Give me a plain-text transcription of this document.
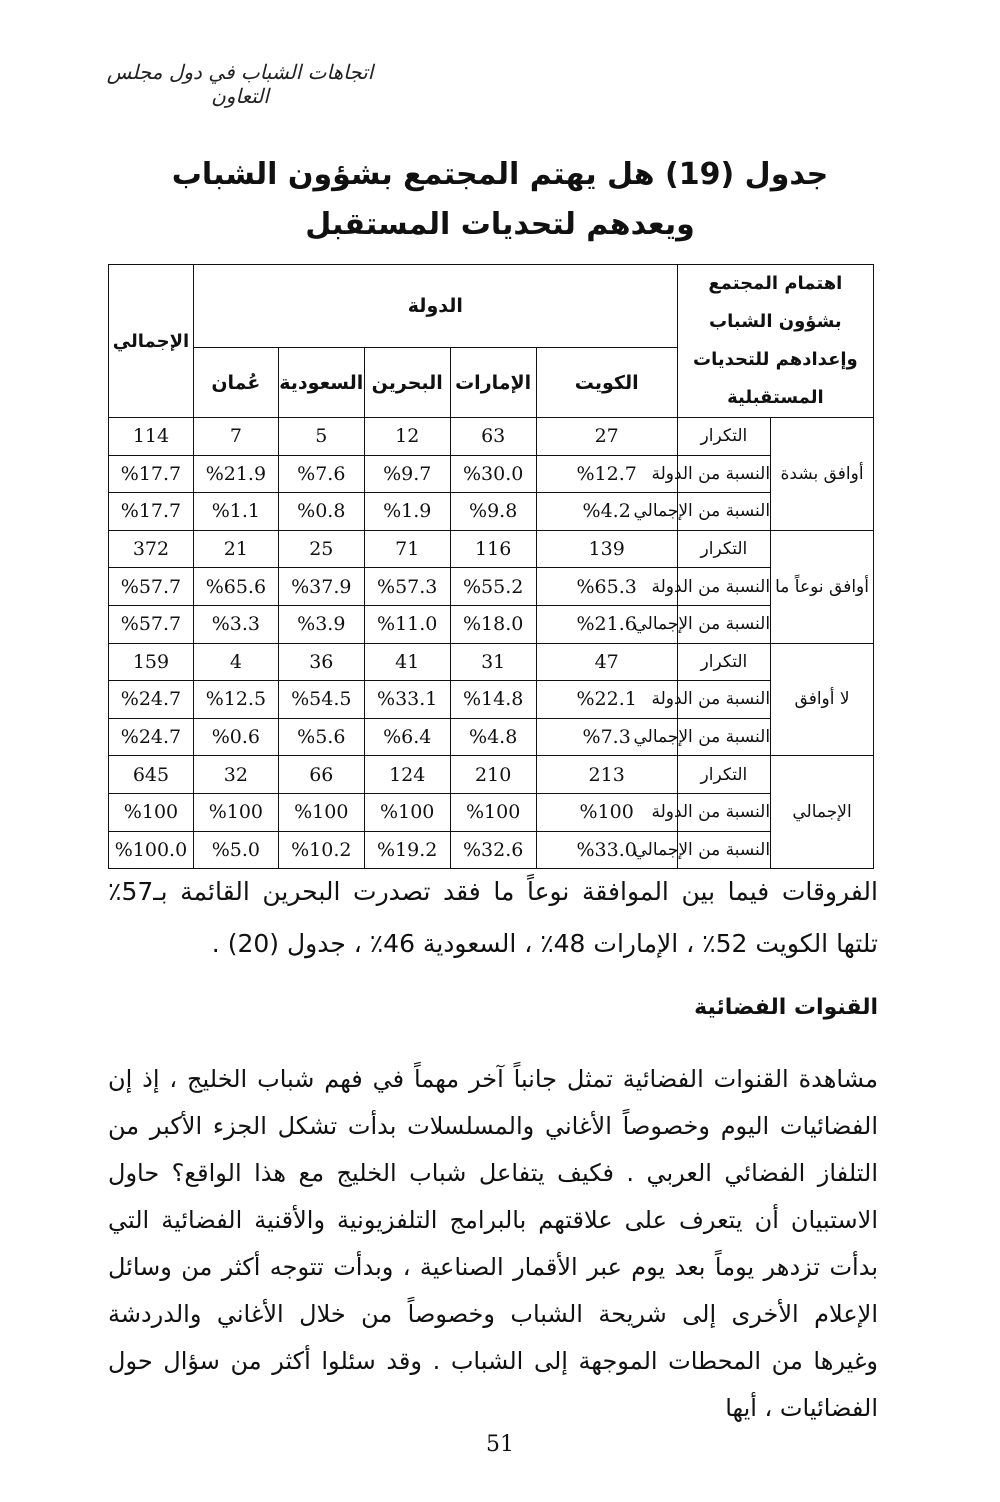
اتجاهات الشباب في دول مجلس التعاون
جدول (19) هل يهتم المجتمع بشؤون الشباب
ويعدهم لتحديات المستقبل
اهتمام المجتمع بشؤون الشباب وإعدادهم للتحديات المستقبلية		الدولة					الإجمالي
		الكويت	الإمارات	البحرين	السعودية	عُمان	
أوافق بشدة	التكرار	27	63	12	5	7	114
	النسبة من الدولة	%12.7	%30.0	%9.7	%7.6	%21.9	%17.7
	النسبة من الإجمالي	%4.2	%9.8	%1.9	%0.8	%1.1	%17.7
أوافق نوعاً ما	التكرار	139	116	71	25	21	372
	النسبة من الدولة	%65.3	%55.2	%57.3	%37.9	%65.6	%57.7
	النسبة من الإجمالي	%21.6	%18.0	%11.0	%3.9	%3.3	%57.7
لا أوافق	التكرار	47	31	41	36	4	159
	النسبة من الدولة	%22.1	%14.8	%33.1	%54.5	%12.5	%24.7
	النسبة من الإجمالي	%7.3	%4.8	%6.4	%5.6	%0.6	%24.7
الإجمالي	التكرار	213	210	124	66	32	645
	النسبة من الدولة	%100	%100	%100	%100	%100	%100
	النسبة من الإجمالي	%33.0	%32.6	%19.2	%10.2	%5.0	%100.0
الفروقات فيما بين الموافقة نوعاً ما فقد تصدرت البحرين القائمة بـ57٪ تلتها الكويت 52٪ ، الإمارات 48٪ ، السعودية 46٪ ، جدول (20) .
القنوات الفضائية
مشاهدة القنوات الفضائية تمثل جانباً آخر مهماً في فهم شباب الخليج ، إذ إن الفضائيات اليوم وخصوصاً الأغاني والمسلسلات بدأت تشكل الجزء الأكبر من التلفاز الفضائي العربي . فكيف يتفاعل شباب الخليج مع هذا الواقع؟ حاول الاستبيان أن يتعرف على علاقتهم بالبرامج التلفزيونية والأقنية الفضائية التي بدأت تزدهر يوماً بعد يوم عبر الأقمار الصناعية ، وبدأت تتوجه أكثر من وسائل الإعلام الأخرى إلى شريحة الشباب وخصوصاً من خلال الأغاني والدردشة وغيرها من المحطات الموجهة إلى الشباب . وقد سئلوا أكثر من سؤال حول الفضائيات ، أيها
51
